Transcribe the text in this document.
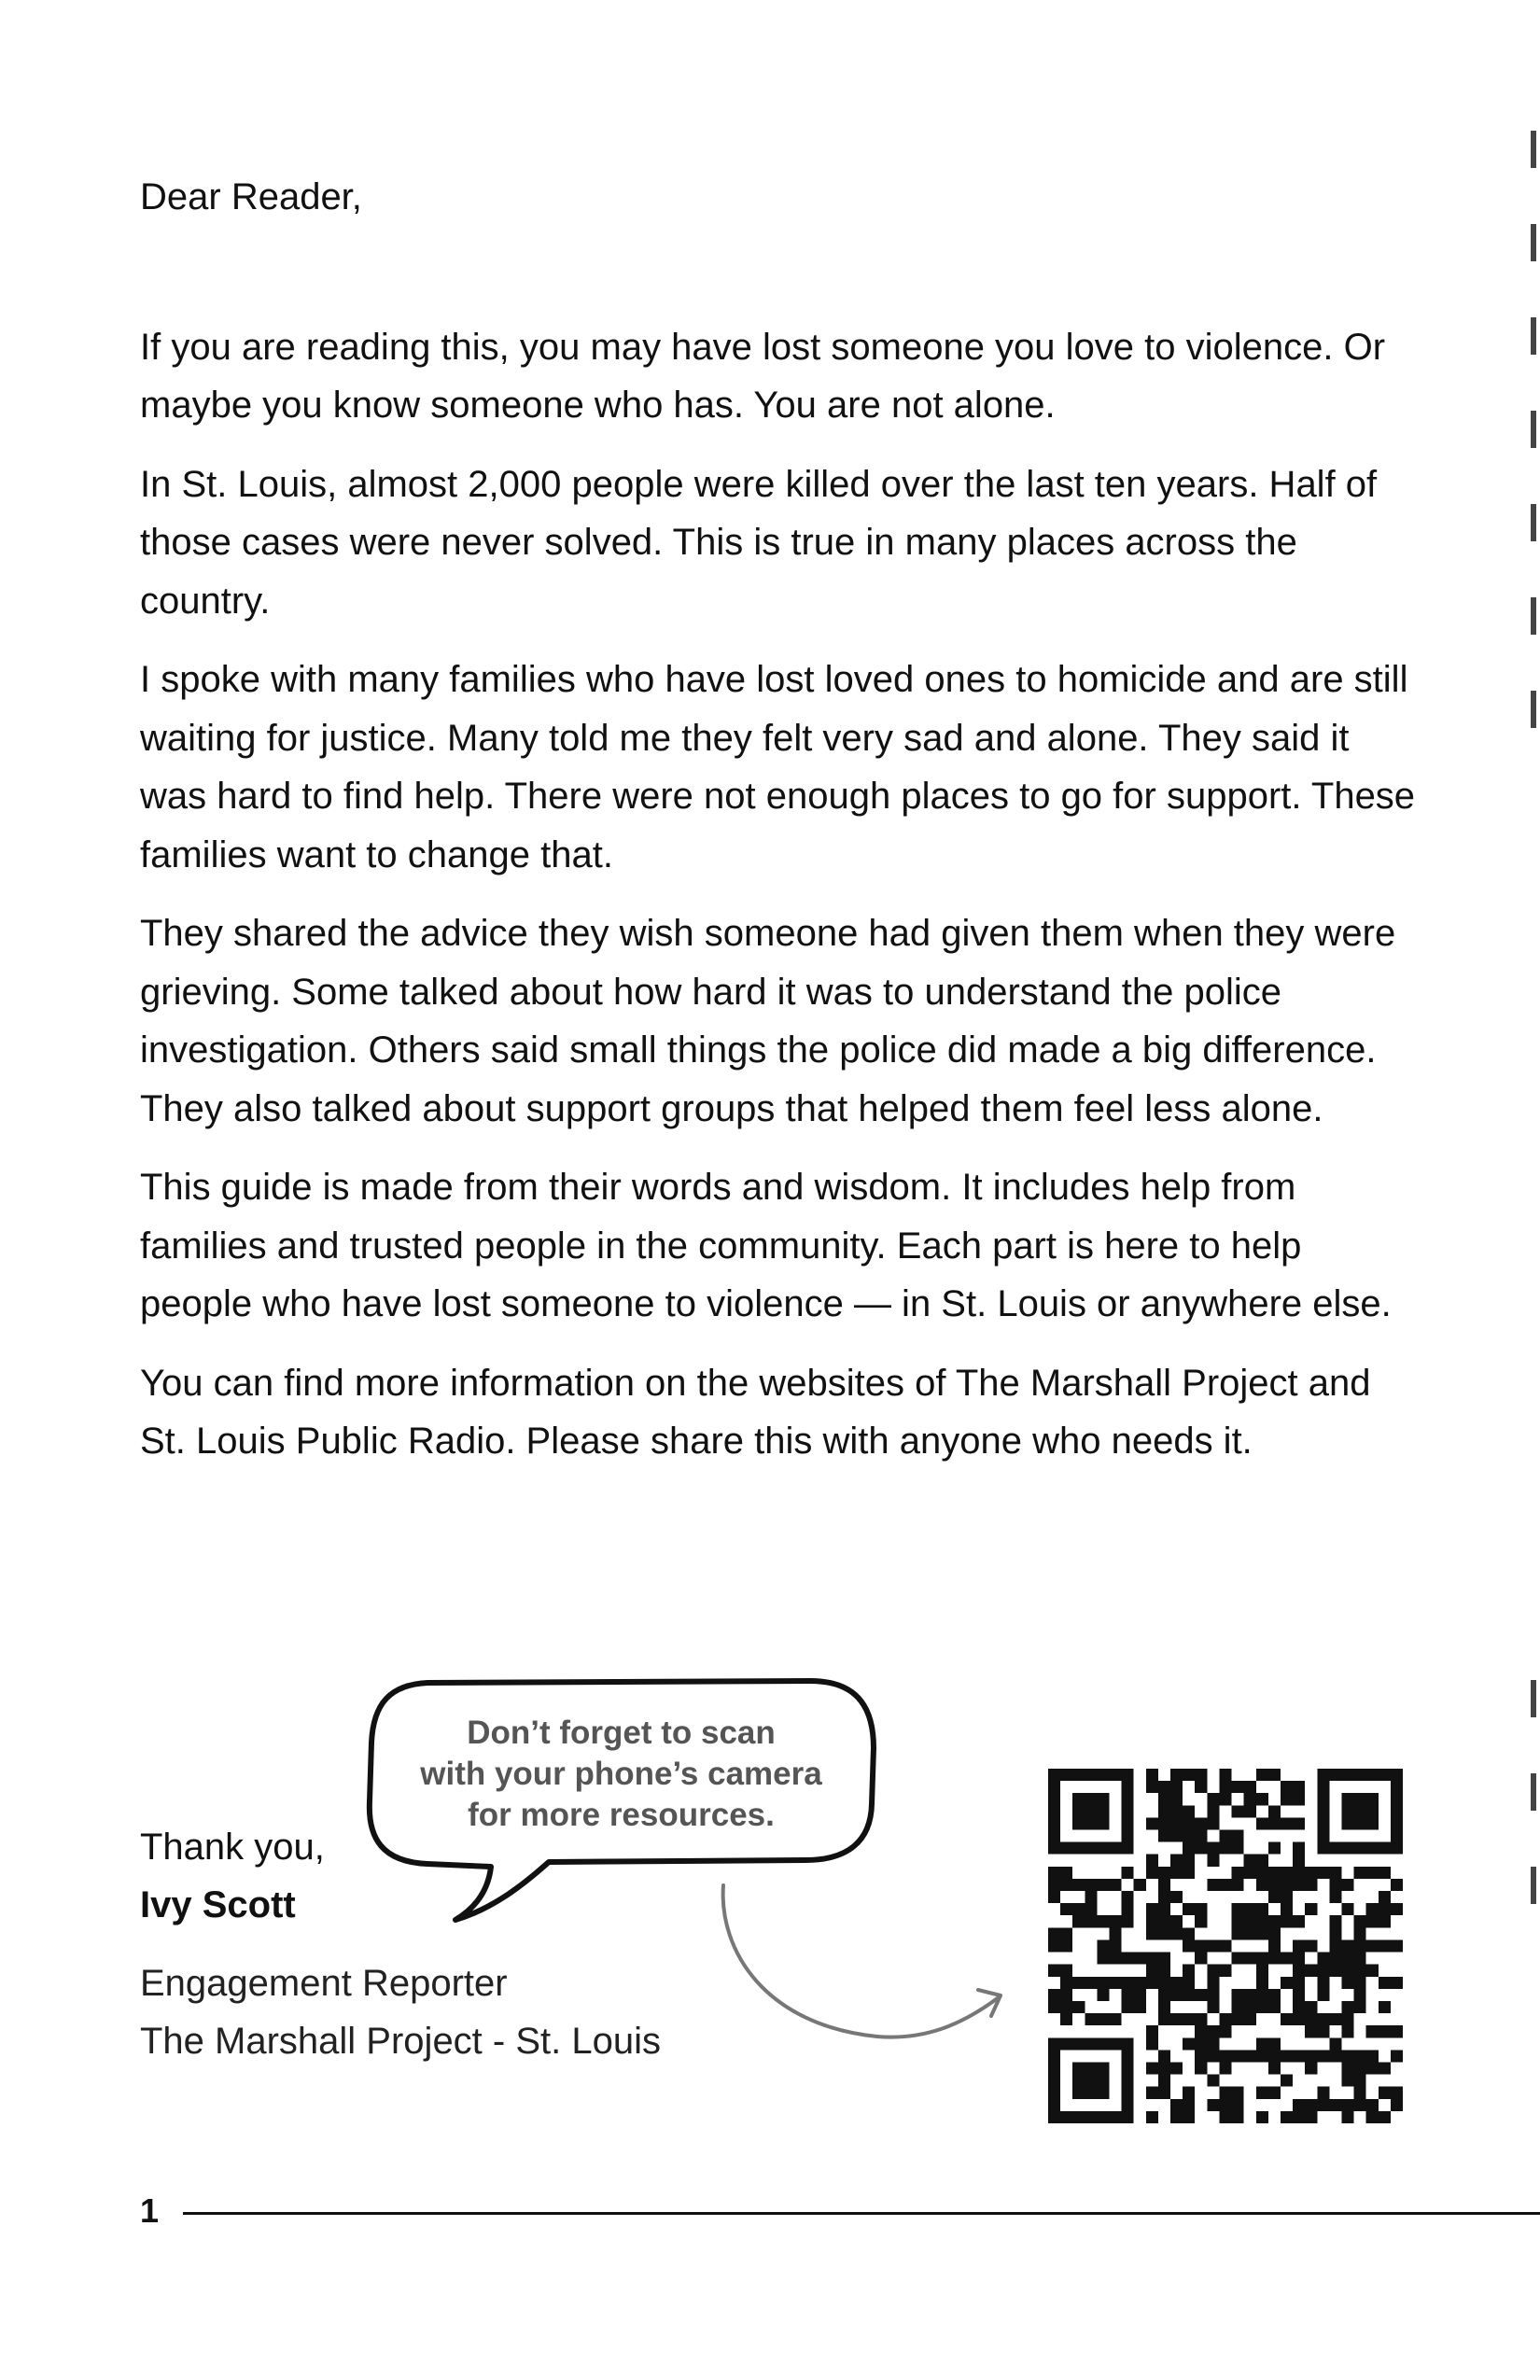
Dear Reader,

If you are reading this, you may have lost someone you love to violence. Or maybe you know someone who has. You are not alone.

In St. Louis, almost 2,000 people were killed over the last ten years. Half of those cases were never solved. This is true in many places across the country.

I spoke with many families who have lost loved ones to homicide and are still waiting for justice. Many told me they felt very sad and alone. They said it was hard to find help. There were not enough places to go for support. These families want to change that.

They shared the advice they wish someone had given them when they were grieving. Some talked about how hard it was to understand the police investigation. Others said small things the police did made a big difference. They also talked about support groups that helped them feel less alone.

This guide is made from their words and wisdom. It includes help from families and trusted people in the community. Each part is here to help people who have lost someone to violence — in St. Louis or anywhere else.

You can find more information on the websites of The Marshall Project and St. Louis Public Radio. Please share this with anyone who needs it.

Thank you,
Ivy Scott
Engagement Reporter
The Marshall Project - St. Louis
Don’t forget to scan
with your phone’s camera
for more resources.
1
